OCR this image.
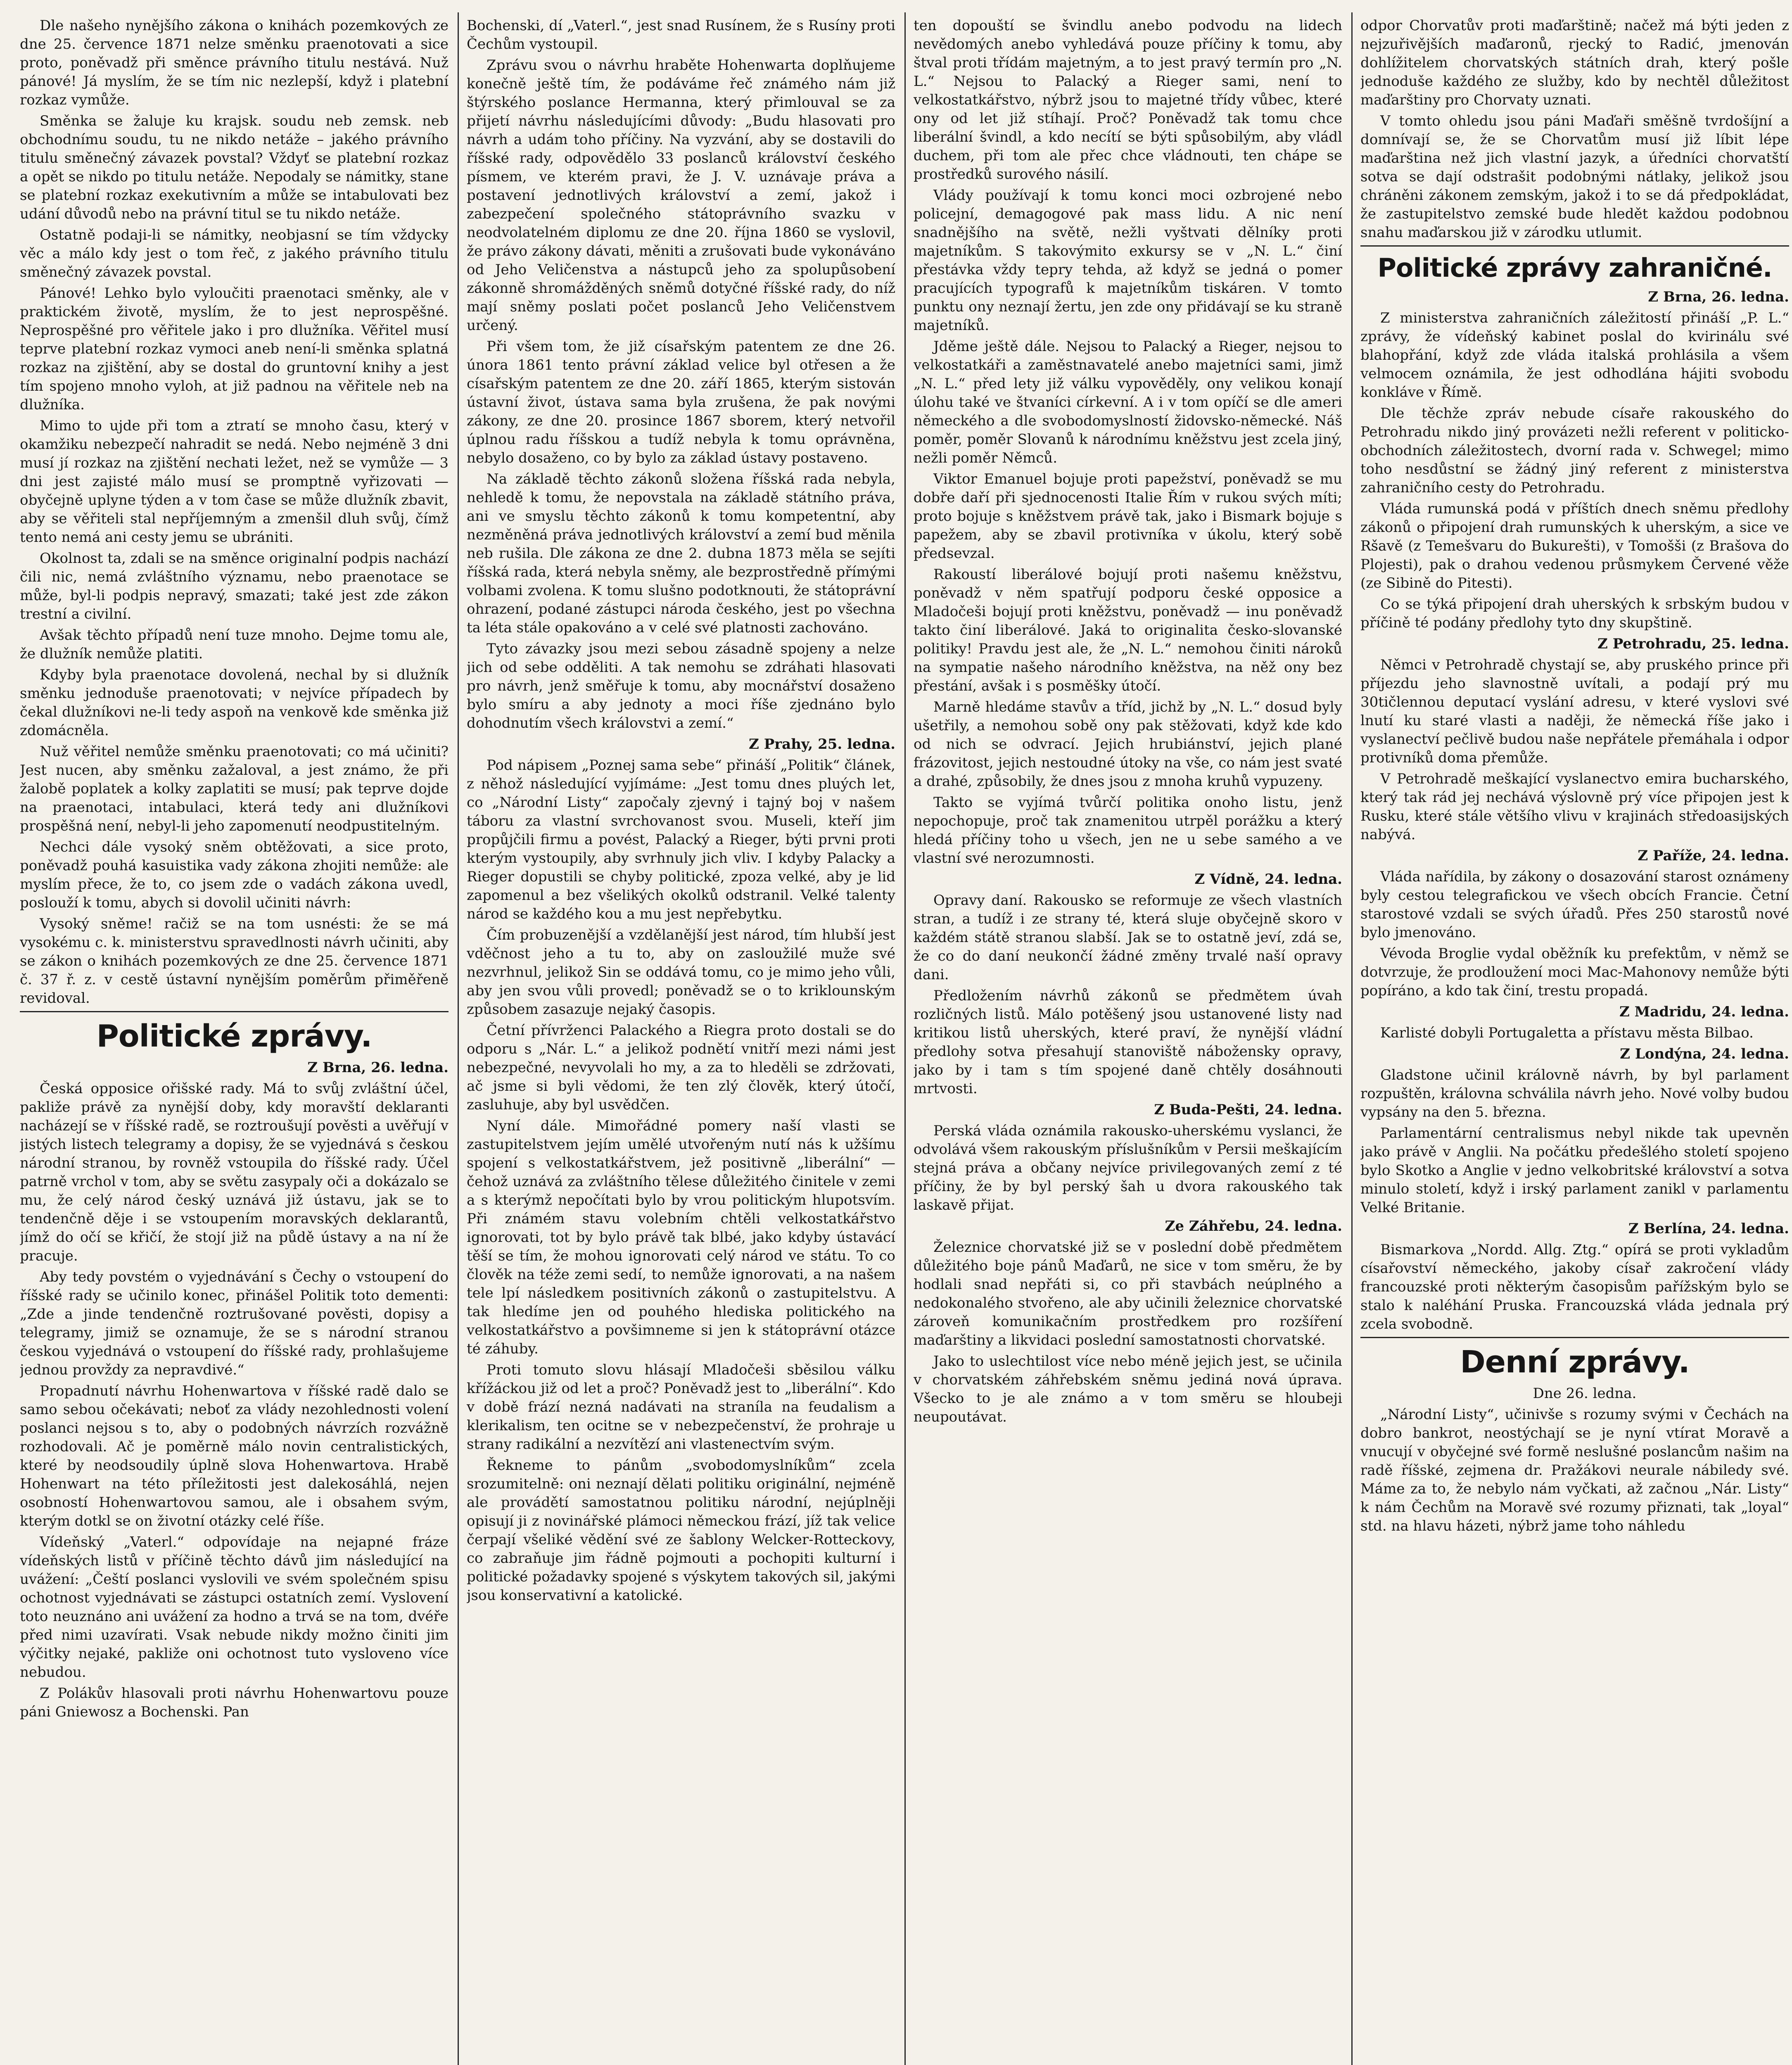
Dle našeho nynějšího zákona o knihách pozemkových ze dne 25. července 1871 nelze směnku praenotovati a sice proto, poněvadž při směnce právního titulu nestává. Nuž pánové! Já myslím, že se tím nic nezlepší, když i platební rozkaz vymůže.

Směnka se žaluje ku krajsk. soudu neb zemsk. neb obchodnímu soudu, tu ne nikdo netáže – jakého právního titulu směnečný závazek povstal? Vždyť se platební rozkaz a opět se nikdo po titulu netáže. Nepodaly se námitky, stane se platební rozkaz exekutivním a může se intabulovati bez udání důvodů nebo na právní titul se tu nikdo netáže.

Ostatně podaji-li se námitky, neobjasní se tím vždycky věc a málo kdy jest o tom řeč, z jakého právního titulu směnečný závazek povstal.

Pánové! Lehko bylo vyloučiti praenotaci směnky, ale v praktickém životě, myslím, že to jest neprospěšné. Neprospěšné pro věřitele jako i pro dlužníka. Věřitel musí teprve platební rozkaz vymoci aneb není-li směnka splatná rozkaz na zjištění, aby se dostal do gruntovní knihy a jest tím spojeno mnoho vyloh, at již padnou na věřitele neb na dlužníka.

Mimo to ujde při tom a ztratí se mnoho času, který v okamžiku nebezpečí nahradit se nedá. Nebo nejméně 3 dni musí jí rozkaz na zjištění nechati ležet, než se vymůže — 3 dni jest zajisté málo musí se promptně vyřizovati — obyčejně uplyne týden a v tom čase se může dlužník zbavit, aby se věřiteli stal nepříjemným a zmenšil dluh svůj, čímž tento nemá ani cesty jemu se ubrániti.

Okolnost ta, zdali se na směnce originalní podpis nachází čili nic, nemá zvláštního významu, nebo praenotace se může, byl-li podpis nepravý, smazati; také jest zde zákon trestní a civilní.

Avšak těchto případů není tuze mnoho. Dejme tomu ale, že dlužník nemůže platiti.

Kdyby byla praenotace dovolená, nechal by si dlužník směnku jednoduše praenotovati; v nejvíce případech by čekal dlužníkovi ne-li tedy aspoň na venkově kde směnka již zdomácněla.

Nuž věřitel nemůže směnku praenotovati; co má učiniti? Jest nucen, aby směnku zažaloval, a jest známo, že při žalobě poplatek a kolky zaplatiti se musí; pak teprve dojde na praenotaci, intabulaci, která tedy ani dlužníkovi prospěšná není, nebyl-li jeho zapomenutí neodpustitelným.

Nechci dále vysoký sněm obtěžovati, a sice proto, poněvadž pouhá kasuistika vady zákona zhojiti nemůže: ale myslím přece, že to, co jsem zde o vadách zákona uvedl, poslouží k tomu, abych si dovolil učiniti návrh:

Vysoký sněme! račiž se na tom usnésti: že se má vysokému c. k. ministerstvu spravedlnosti návrh učiniti, aby se zákon o knihách pozemkových ze dne 25. července 1871 č. 37 ř. z. v cestě ústavní nynějším poměrům přiměřeně revidoval.

Politické zprávy.

Z Brna, 26. ledna.

Česká opposice ořišské rady. Má to svůj zvláštní účel, pakliže právě za nynější doby, kdy moravští deklaranti nacházejí se v říšské radě, se roztroušují pověsti a uvěřují v jistých listech telegramy a dopisy, že se vyjednává s českou národní stranou, by rovněž vstoupila do říšské rady. Účel patrně vrchol v tom, aby se světu zasypaly oči a dokázalo se mu, že celý národ český uznává již ústavu, jak se to tendenčně děje i se vstoupením moravských deklarantů, jímž do očí se křičí, že stojí již na půdě ústavy a na ní že pracuje.

Aby tedy povstém o vyjednávání s Čechy o vstoupení do říšské rady se učinilo konec, přinášel Politik toto dementi: „Zde a jinde tendenčně roztrušované pověsti, dopisy a telegramy, jimiž se oznamuje, že se s národní stranou českou vyjednává o vstoupení do říšské rady, prohlašujeme jednou provždy za nepravdivé.“

Propadnutí návrhu Hohenwartova v říšské radě dalo se samo sebou očekávati; neboť za vlády nezohlednosti volení poslanci nejsou s to, aby o podobných návrzích rozvážně rozhodovali. Ač je poměrně málo novin centralistických, které by neodsoudily úplně slova Hohenwartova. Hrabě Hohenwart na této příležitosti jest dalekosáhlá, nejen osobností Hohenwartovou samou, ale i obsahem svým, kterým dotkl se on životní otázky celé říše.

Vídeňský „Vaterl.“ odpovídaje na nejapné fráze vídeňských listů v příčině těchto dávů jim následující na uvážení: „Čeští poslanci vyslovili ve svém společném spisu ochotnost vyjednávati se zástupci ostatních zemí. Vyslovení toto neuznáno ani uvážení za hodno a trvá se na tom, dvéře před nimi uzavírati. Vsak nebude nikdy možno činiti jim výčitky nejaké, pakliže oni ochotnost tuto vysloveno více nebudou.

Z Polákův hlasovali proti návrhu Hohenwartovu pouze páni Gniewosz a Bochenski. Pan

Bochenski, dí „Vaterl.“, jest snad Rusínem, že s Rusíny proti Čechům vystoupil.

Zprávu svou o návrhu hraběte Hohenwarta doplňujeme konečně ještě tím, že podáváme řeč známého nám již štýrského poslance Hermanna, který přimlouval se za přijetí návrhu následujícími důvody: „Budu hlasovati pro návrh a udám toho příčiny. Na vyzvání, aby se dostavili do říšské rady, odpovědělo 33 poslanců království českého písmem, ve kterém pravi, že J. V. uznávaje práva a postavení jednotlivých království a zemí, jakož i zabezpečení společného státoprávního svazku v neodvolatelném diplomu ze dne 20. října 1860 se vyslovil, že právo zákony dávati, měniti a zrušovati bude vykonáváno od Jeho Veličenstva a nástupců jeho za spolupůsobení zákonně shromážděných sněmů dotyčné říšské rady, do níž mají sněmy poslati počet poslanců Jeho Veličenstvem určený.

Při všem tom, že již císařským patentem ze dne 26. února 1861 tento právní základ velice byl otřesen a že císařským patentem ze dne 20. září 1865, kterým sistován ústavní život, ústava sama byla zrušena, že pak novými zákony, ze dne 20. prosince 1867 sborem, který netvořil úplnou radu říšskou a tudíž nebyla k tomu oprávněna, nebylo dosaženo, co by bylo za základ ústavy postaveno.

Na základě těchto zákonů složena říšská rada nebyla, nehledě k tomu, že nepovstala na základě státního práva, ani ve smyslu těchto zákonů k tomu kompetentní, aby nezměněná práva jednotlivých království a zemí bud měnila neb rušila. Dle zákona ze dne 2. dubna 1873 měla se sejíti říšská rada, která nebyla sněmy, ale bezprostředně přímými volbami zvolena. K tomu slušno podotknouti, že státoprávní ohrazení, podané zástupci národa českého, jest po všechna ta léta stále opakováno a v celé své platnosti zachováno.

Tyto závazky jsou mezi sebou zásadně spojeny a nelze jich od sebe odděliti. A tak nemohu se zdráhati hlasovati pro návrh, jenž směřuje k tomu, aby mocnářství dosaženo bylo smíru a aby jednoty a moci říše zjednáno bylo dohodnutím všech královstvi a zemí.“

Z Prahy, 25. ledna.

Pod nápisem „Poznej sama sebe“ přináší „Politik“ článek, z něhož následující vyjímáme: „Jest tomu dnes pluých let, co „Národní Listy“ započaly zjevný i tajný boj v našem táboru za vlastní svrchovanost svou. Museli, kteří jim propůjčili firmu a povést, Palacký a Rieger, býti prvni proti kterým vystoupily, aby svrhnuly jich vliv. I kdyby Palacky a Rieger dopustili se chyby politické, zpoza velké, aby je lid zapomenul a bez všelikých okolků odstranil. Velké talenty národ se každého kou a mu jest nepřebytku.

Čím probuzenější a vzdělanější jest národ, tím hlubší jest vděčnost jeho a tu to, aby on zasloužilé muže své nezvrhnul, jelikož Sin se oddává tomu, co je mimo jeho vůli, aby jen svou vůli provedl; poněvadž se o to kriklounským způsobem zasazuje nejaký časopis.

Četní přívrženci Palackého a Riegra proto dostali se do odporu s „Nár. L.“ a jelikož podnětí vnitří mezi námi jest nebezpečné, nevyvolali ho my, a za to hleděli se zdržovati, ač jsme si byli vědomi, že ten zlý člověk, který útočí, zasluhuje, aby byl usvědčen.

Nyní dále. Mimořádné pomery naší vlasti se zastupitelstvem jejím umělé utvořeným nutí nás k užšímu spojení s velkostatkářstvem, jež positivně „liberální“ — čehož uznává za zvláštního tělese důležitého činitele v zemi a s kterýmž nepočítati bylo by vrou politickým hlupotsvím. Při známém stavu volebním chtěli velkostatkářstvo ignorovati, tot by bylo právě tak blbé, jako kdyby ústavácí těší se tím, že mohou ignorovati celý národ ve státu. To co člověk na téže zemi sedí, to nemůže ignorovati, a na našem tele lpí následkem positivních zákonů o zastupitelstvu. A tak hledíme jen od pouhého hlediska politického na velkostatkářstvo a povšimneme si jen k státoprávní otázce té záhuby.

Proti tomuto slovu hlásají Mladočeši sběsilou válku křížáckou již od let a proč? Poněvadž jest to „liberální“. Kdo v době frází nezná nadávati na straníla na feudalism a klerikalism, ten ocitne se v nebezpečenství, že prohraje u strany radikální a nezvítězí ani vlastenectvím svým.

Řekneme to pánům „svobodomyslníkům“ zcela srozumitelně: oni neznají dělati politiku originální, nejméně ale provádětí samostatnou politiku národní, nejúplněji opisují ji z novinářské plámoci německou frází, jíž tak velice čerpají všeliké vědění své ze šablony Welcker-Rotteckovy, co zabraňuje jim řádně pojmouti a pochopiti kulturní i politické požadavky spojené s výskytem takových sil, jakými jsou konservativní a katolické.

ten dopouští se švindlu anebo podvodu na lidech nevědomých anebo vyhledává pouze příčiny k tomu, aby štval proti třídám majetným, a to jest pravý termín pro „N. L.“ Nejsou to Palacký a Rieger sami, není to velkostatkářstvo, nýbrž jsou to majetné třídy vůbec, které ony od let již stíhají. Proč? Poněvadž tak tomu chce liberální švindl, a kdo necítí se býti spůsobilým, aby vládl duchem, při tom ale přec chce vládnouti, ten chápe se prostředků surového násilí.

Vlády používají k tomu konci moci ozbrojené nebo policejní, demagogové pak mass lidu. A nic není snadnějšího na světě, nežli vyštvati dělníky proti majetníkům. S takovýmito exkursy se v „N. L.“ činí přestávka vždy tepry tehda, až když se jedná o pomer pracujících typografů k majetníkům tiskáren. V tomto punktu ony neznají žertu, jen zde ony přidávají se ku straně majetníků.

Jděme ještě dále. Nejsou to Palacký a Rieger, nejsou to velkostatkáři a zaměstnavatelé anebo majetníci sami, jimž „N. L.“ před lety již válku vypověděly, ony velikou konají úlohu také ve štvaníci církevní. A i v tom opíčí se dle ameri německého a dle svobodomyslností židovsko-německé. Náš poměr, poměr Slovanů k národnímu kněžstvu jest zcela jiný, nežli poměr Němců.

Viktor Emanuel bojuje proti papežství, poněvadž se mu dobře daří při sjednocenosti Italie Řím v rukou svých míti; proto bojuje s kněžstvem právě tak, jako i Bismark bojuje s papežem, aby se zbavil protivníka v úkolu, který sobě předsevzal.

Rakoustí liberálové bojují proti našemu kněžstvu, poněvadž v něm spatřují podporu české opposice a Mladočeši bojují proti kněžstvu, poněvadž — inu poněvadž takto činí liberálové. Jaká to originalita česko-slovanské politiky! Pravdu jest ale, že „N. L.“ nemohou činiti nároků na sympatie našeho národního kněžstva, na něž ony bez přestání, avšak i s posměšky útočí.

Marně hledáme stavův a tříd, jichž by „N. L.“ dosud byly ušetřily, a nemohou sobě ony pak stěžovati, když kde kdo od nich se odvrací. Jejich hrubiánství, jejich plané frázovitost, jejich nestoudné útoky na vše, co nám jest svaté a drahé, způsobily, že dnes jsou z mnoha kruhů vypuzeny.

Takto se vyjímá tvůrčí politika onoho listu, jenž nepochopuje, proč tak znamenitou utrpěl porážku a který hledá příčiny toho u všech, jen ne u sebe samého a ve vlastní své nerozumnosti.

Z Vídně, 24. ledna.

Opravy daní. Rakousko se reformuje ze všech vlastních stran, a tudíž i ze strany té, která sluje obyčejně skoro v každém státě stranou slabší. Jak se to ostatně jeví, zdá se, že co do daní neukončí žádné změny trvalé naší opravy dani.

Předložením návrhů zákonů se předmětem úvah rozličných listů. Málo potěšený jsou ustanovené listy nad kritikou listů uherských, které praví, že nynější vládní předlohy sotva přesahují stanoviště nábožensky opravy, jako by i tam s tím spojené daně chtěly dosáhnouti mrtvosti.

Z Buda-Pešti, 24. ledna.

Perská vláda oznámila rakousko-uherskému vyslanci, že odvolává všem rakouským příslušníkům v Persii meškajícím stejná práva a občany nejvíce privilegovaných zemí z té příčiny, že by byl perský šah u dvora rakouského tak laskavě přijat.

Ze Záhřebu, 24. ledna.

Železnice chorvatské již se v poslední době předmětem důležitého boje pánů Maďarů, ne sice v tom směru, že by hodlali snad nepřáti si, co při stavbách neúplného a nedokonalého stvořeno, ale aby učinili železnice chorvatské zároveň komunikačním prostředkem pro rozšíření maďarštiny a likvidaci poslední samostatnosti chorvatské.

Jako to uslechtilost více nebo méně jejich jest, se učinila v chorvatském záhřebském sněmu jediná nová úprava. Všecko to je ale známo a v tom směru se hloubeji neupoutávat.

odpor Chorvatův proti maďarštině; načež má býti jeden z nejzuřivějších maďaronů, rjecký to Radić, jmenován dohlížitelem chorvatských státních drah, který pošle jednoduše každého ze služby, kdo by nechtěl důležitost maďarštiny pro Chorvaty uznati.

V tomto ohledu jsou páni Maďaři směšně tvrdošíjní a domnívají se, že se Chorvatům musí již líbit lépe maďarština než jich vlastní jazyk, a úředníci chorvatští sotva se dají odstrašit podobnými nátlaky, jelikož jsou chráněni zákonem zemským, jakož i to se dá předpokládat, že zastupitelstvo zemské bude hledět každou podobnou snahu maďarskou již v zárodku utlumit.

Politické zprávy zahraničné.

Z Brna, 26. ledna.

Z ministerstva zahraničních záležitostí přináší „P. L.“ zprávy, že vídeňský kabinet poslal do kvirinálu své blahopřání, když zde vláda italská prohlásila a všem velmocem oznámila, že jest odhodlána hájiti svobodu konkláve v Římě.

Dle těchže zpráv nebude císaře rakouského do Petrohradu nikdo jiný provázeti nežli referent v politicko-obchodních záležitostech, dvorní rada v. Schwegel; mimo toho nesdůstní se žádný jiný referent z ministerstva zahraničního cesty do Petrohradu.

Vláda rumunská podá v příštích dnech sněmu předlohy zákonů o připojení drah rumunských k uherským, a sice ve Ršavě (z Temešvaru do Bukurešti), v Tomošši (z Brašova do Plojesti), pak o drahou vedenou průsmykem Červené věže (ze Sibině do Pitesti).

Co se týká připojení drah uherských k srbským budou v příčině té podány předlohy tyto dny skupštině.

Z Petrohradu, 25. ledna.

Němci v Petrohradě chystají se, aby pruského prince při příjezdu jeho slavnostně uvítali, a podají prý mu 30tičlennou deputací vyslání adresu, v které vyslovi své lnutí ku staré vlasti a naději, že německá říše jako i vyslanectví pečlivě budou naše nepřátele přemáhala i odpor protivníků doma přemůže.

V Petrohradě meškající vyslanectvo emira bucharského, který tak rád jej nechává výslovně prý více připojen jest k Rusku, které stále většího vlivu v krajinách středoasijských nabývá.

Z Paříže, 24. ledna.

Vláda nařídila, by zákony o dosazování starost oznámeny byly cestou telegrafickou ve všech obcích Francie. Četní starostové vzdali se svých úřadů. Přes 250 starostů nové bylo jmenováno.

Vévoda Broglie vydal oběžník ku prefektům, v němž se dotvrzuje, že prodloužení moci Mac-Mahonovy nemůže býti popíráno, a kdo tak činí, trestu propadá.

Z Madridu, 24. ledna.

Karlisté dobyli Portugaletta a přístavu města Bilbao.

Z Londýna, 24. ledna.

Gladstone učinil královně návrh, by byl parlament rozpuštěn, královna schválila návrh jeho. Nové volby budou vypsány na den 5. března.

Parlamentární centralismus nebyl nikde tak upevněn jako právě v Anglii. Na počátku předešlého století spojeno bylo Skotko a Anglie v jedno velkobritské království a sotva minulo století, když i irský parlament zanikl v parlamentu Velké Britanie.

Z Berlína, 24. ledna.

Bismarkova „Nordd. Allg. Ztg.“ opírá se proti vykladům císařovství německého, jakoby císař zakročení vlády francouzské proti některým časopisům pařížským bylo se stalo k naléhání Pruska. Francouzská vláda jednala prý zcela svobodně.

Denní zprávy.

Dne 26. ledna.

„Národní Listy“, učinivše s rozumy svými v Čechách na dobro bankrot, neostýchají se je nyní vtírat Moravě a vnucují v obyčejné své formě neslušné poslancům našim na radě říšské, zejmena dr. Pražákovi neurale nábiledy své. Máme za to, že nebylo nám vyčkati, až začnou „Nár. Listy“ k nám Čechům na Moravě své rozumy přiznati, tak „loyal“ std. na hlavu házeti, nýbrž jame toho náhledu
